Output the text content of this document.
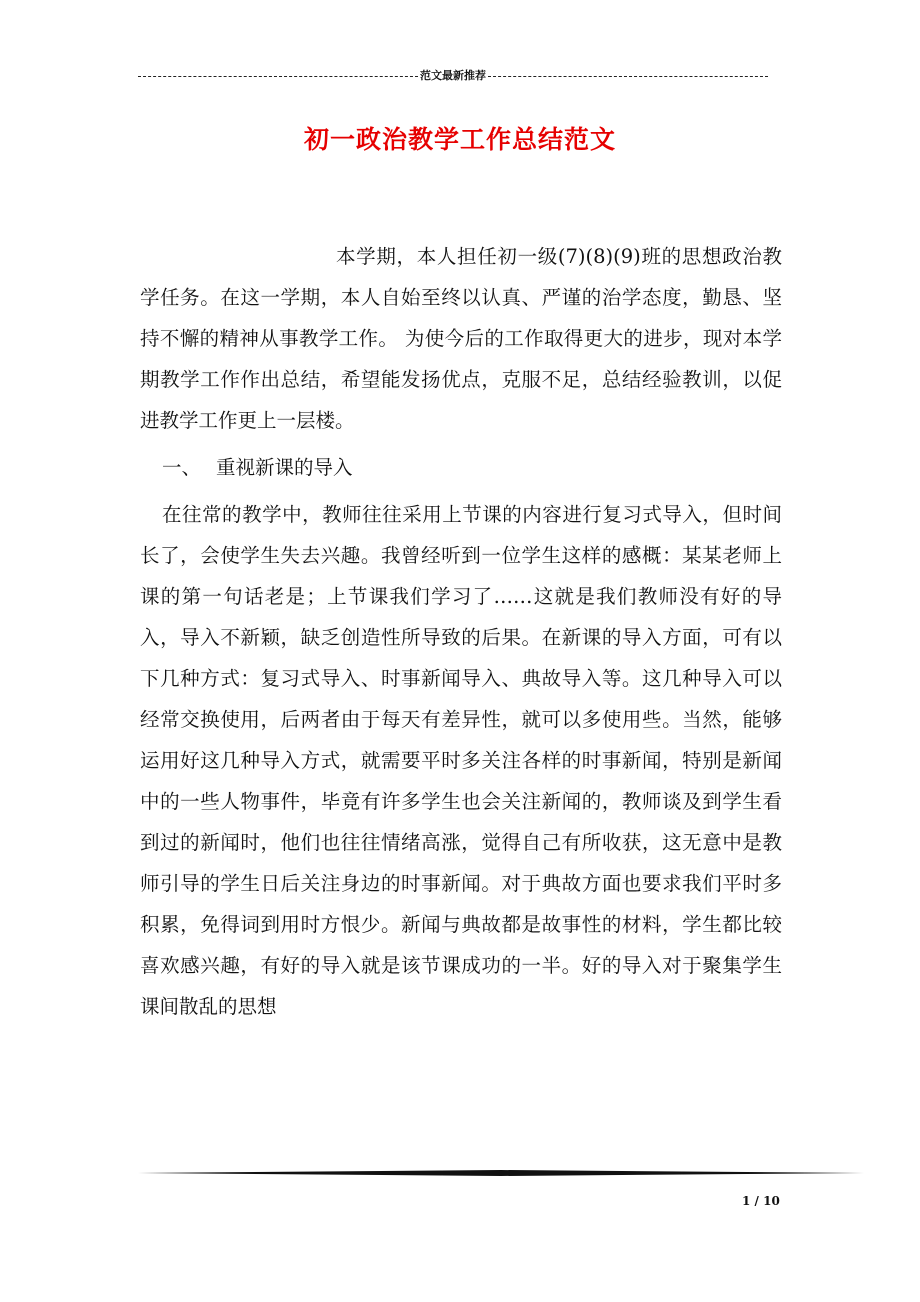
范文最新推荐
初一政治教学工作总结范文

本学期，本人担任初一级(7)(8)(9)班的思想政治教学任务。在这一学期，本人自始至终以认真、严谨的治学态度，勤恳、坚持不懈的精神从事教学工作。 为使今后的工作取得更大的进步，现对本学期教学工作作出总结，希望能发扬优点，克服不足，总结经验教训，以促进教学工作更上一层楼。

一、 重视新课的导入

在往常的教学中，教师往往采用上节课的内容进行复习式导入，但时间长了，会使学生失去兴趣。我曾经听到一位学生这样的感概：某某老师上课的第一句话老是；上节课我们学习了……这就是我们教师没有好的导入，导入不新颖，缺乏创造性所导致的后果。在新课的导入方面，可有以下几种方式：复习式导入、时事新闻导入、典故导入等。这几种导入可以经常交换使用，后两者由于每天有差异性，就可以多使用些。当然，能够运用好这几种导入方式，就需要平时多关注各样的时事新闻，特别是新闻中的一些人物事件，毕竟有许多学生也会关注新闻的，教师谈及到学生看到过的新闻时，他们也往往情绪高涨，觉得自己有所收获，这无意中是教师引导的学生日后关注身边的时事新闻。对于典故方面也要求我们平时多积累，免得词到用时方恨少。新闻与典故都是故事性的材料，学生都比较喜欢感兴趣，有好的导入就是该节课成功的一半。好的导入对于聚集学生课间散乱的思想

1 / 10
